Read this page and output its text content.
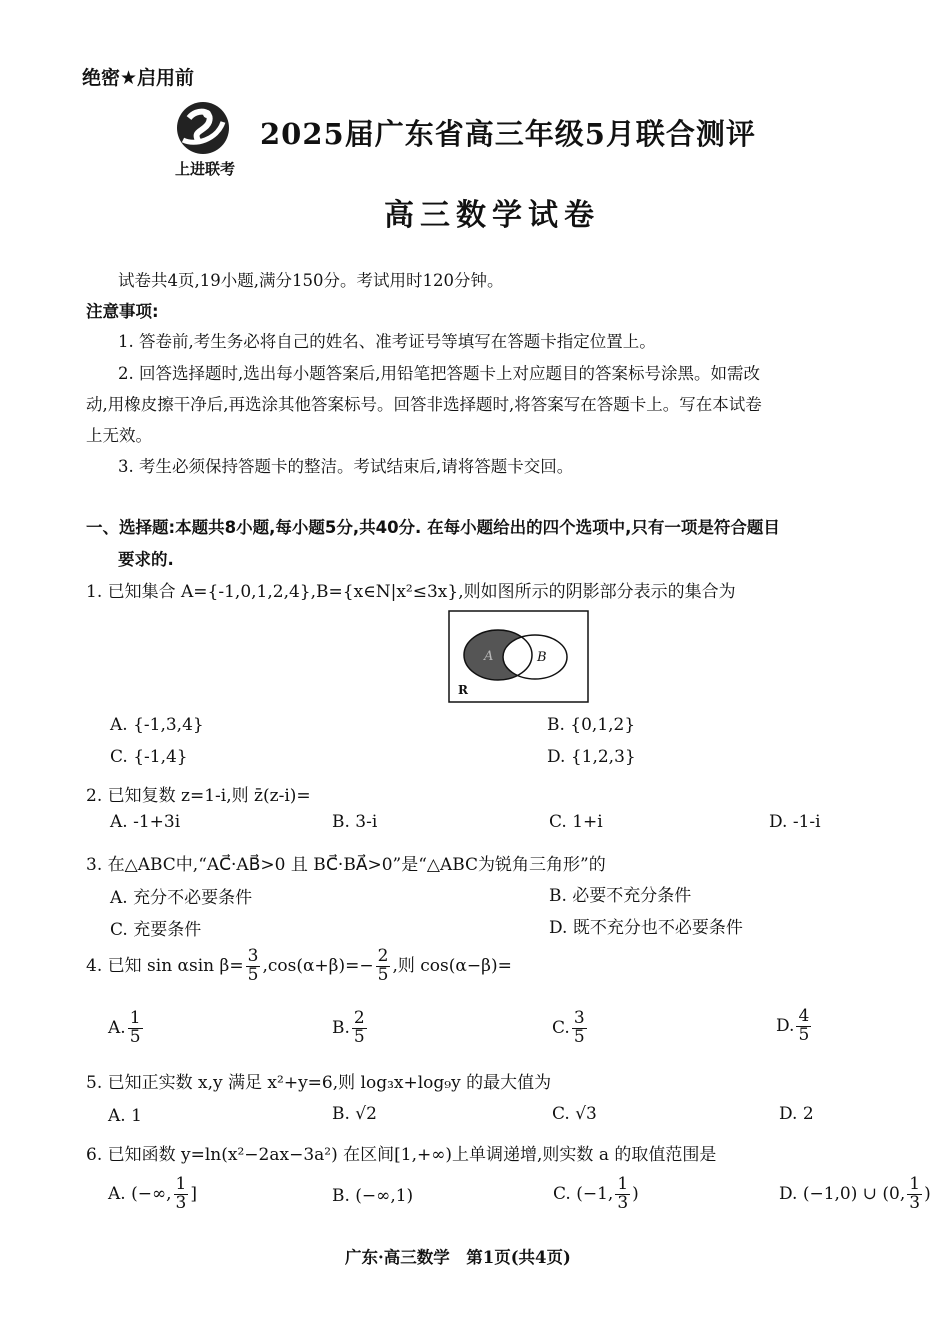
绝密★启用前
上进联考
2025届广东省高三年级5月联合测评
高三数学试卷
试卷共4页,19小题,满分150分。考试用时120分钟。
注意事项:
1. 答卷前,考生务必将自己的姓名、准考证号等填写在答题卡指定位置上。
2. 回答选择题时,选出每小题答案后,用铅笔把答题卡上对应题目的答案标号涂黑。如需改
动,用橡皮擦干净后,再选涂其他答案标号。回答非选择题时,将答案写在答题卡上。写在本试卷
上无效。
3. 考生必须保持答题卡的整洁。考试结束后,请将答题卡交回。
一、选择题:本题共8小题,每小题5分,共40分. 在每小题给出的四个选项中,只有一项是符合题目
要求的.
1. 已知集合 A={-1,0,1,2,4},B={x∈N|x²≤3x},则如图所示的阴影部分表示的集合为
A	B
R
A. {-1,3,4}	B. {0,1,2}
C. {-1,4}	D. {1,2,3}
2. 已知复数 z=1-i,则 z̄(z-i)=
A. -1+3i	B. 3-i	C. 1+i	D. -1-i
3. 在△ABC中,“AC⃗·AB⃗>0 且 BC⃗·BA⃗>0”是“△ABC为锐角三角形”的
A. 充分不必要条件	B. 必要不充分条件
C. 充要条件	D. 既不充分也不必要条件
4. 已知 sin αsin $\beta= \frac{3}{5} ,\cos(\alpha+\beta)=- \frac{2}{5}$ ,则 cos(α−β)=
A. $\frac{1}{5}$	B. $\frac{2}{5}$	C. $\frac{3}{5}$	D. $\frac{4}{5}$
5. 已知正实数 x,y 满足 x²+y=6,则 log₃x+log₉y 的最大值为
A. 1	B. √2	C. √3	D. 2
6. 已知函数 y=ln(x²−2ax−3a²) 在区间[1,+∞)上单调递增,则实数 a 的取值范围是
A. (−∞, $\frac{1}{3}$ ]	B. (−∞,1)	C. (−1, $\frac{1}{3}$ )	D. (−1,0) ∪ (0, $\frac{1}{3}$ )
广东·高三数学　第1页(共4页)
